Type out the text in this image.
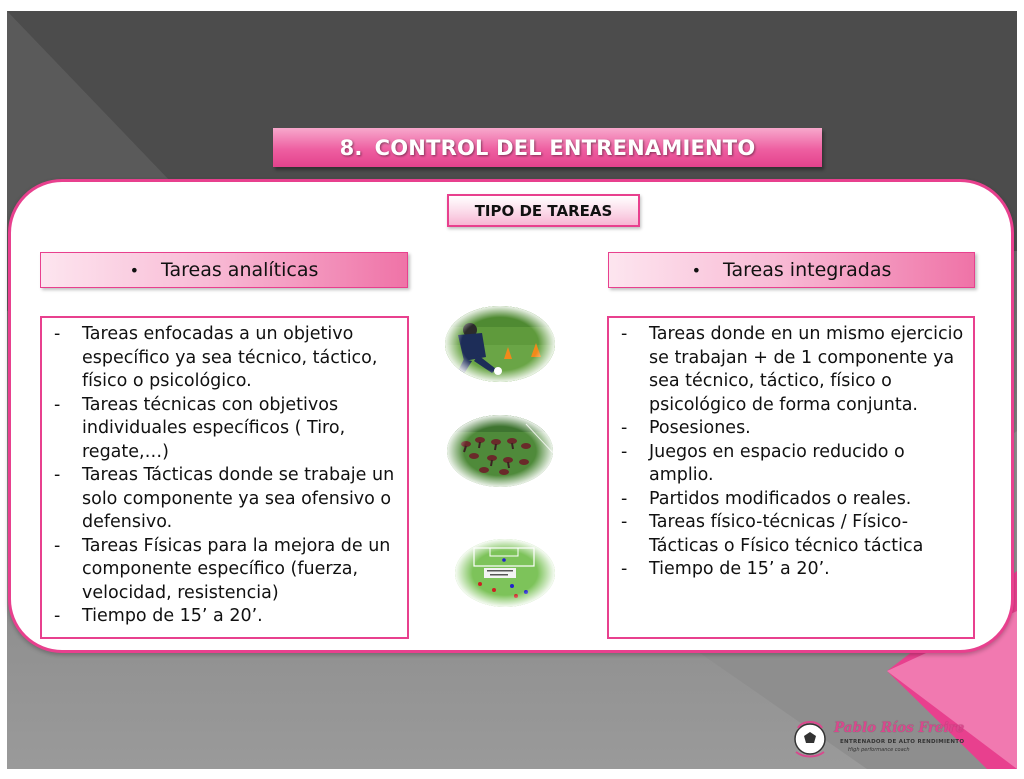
8. CONTROL DEL ENTRENAMIENTO
TIPO DE TAREAS
• Tareas analíticas	• Tareas integradas
- Tareas enfocadas a un objetivo específico ya sea técnico, táctico, físico o psicológico.
- Tareas técnicas con objetivos individuales específicos ( Tiro, regate,…)
- Tareas Tácticas donde se trabaje un solo componente ya sea ofensivo o defensivo.
- Tareas Físicas para la mejora de un componente específico (fuerza, velocidad, resistencia)
- Tiempo de 15’ a 20’.
- Tareas donde en un mismo ejercicio se trabajan + de 1 componente ya sea técnico, táctico, físico o psicológico de forma conjunta.
- Posesiones.
- Juegos en espacio reducido o amplio.
- Partidos modificados o reales.
- Tareas físico-técnicas / Físico- Tácticas o Físico técnico táctica
- Tiempo de 15’ a 20’.
Pablo Ríos Freire
ENTRENADOR DE ALTO RENDIMIENTO
High performance coach
